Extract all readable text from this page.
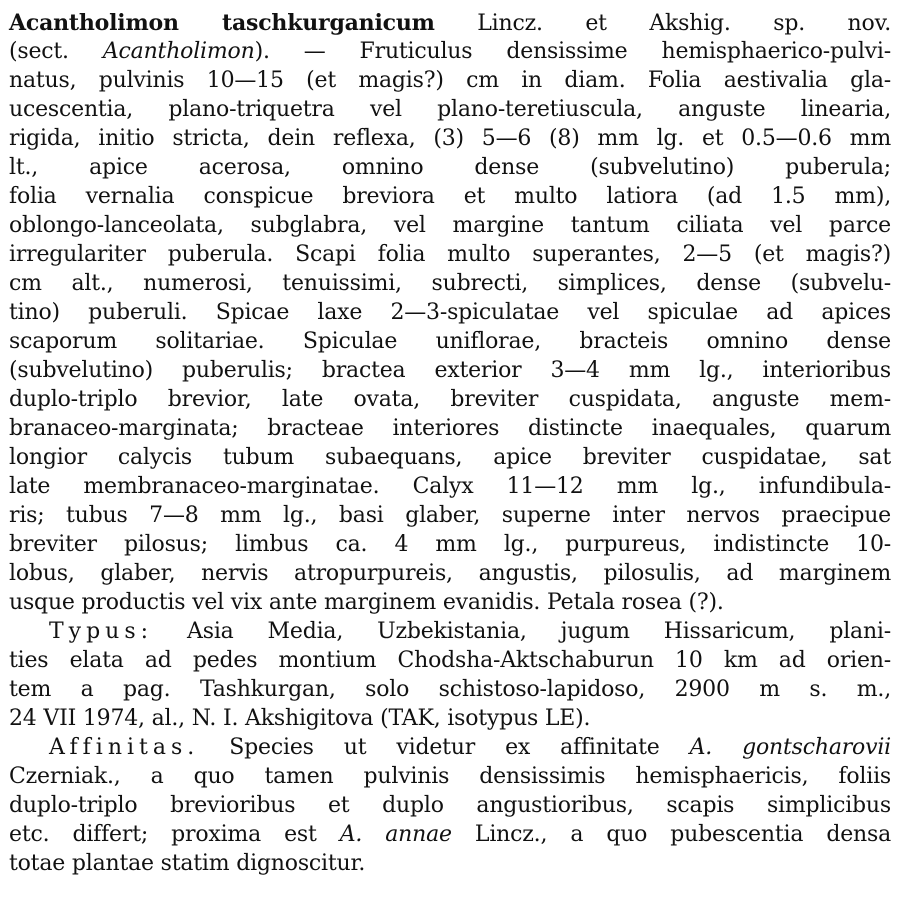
Acantholimon taschkurganicum Lincz. et Akshig. sp. nov.
(sect. Acantholimon). — Fruticulus densissime hemisphaerico-pulvi-
natus, pulvinis 10—15 (et magis?) cm in diam. Folia aestivalia gla-
ucescentia, plano-triquetra vel plano-teretiuscula, anguste linearia,
rigida, initio stricta, dein reflexa, (3) 5—6 (8) mm lg. et 0.5—0.6 mm
lt., apice acerosa, omnino dense (subvelutino) puberula;
folia vernalia conspicue breviora et multo latiora (ad 1.5 mm),
oblongo-lanceolata, subglabra, vel margine tantum ciliata vel parce
irregulariter puberula. Scapi folia multo superantes, 2—5 (et magis?)
cm alt., numerosi, tenuissimi, subrecti, simplices, dense (subvelu-
tino) puberuli. Spicae laxe 2—3-spiculatae vel spiculae ad apices
scaporum solitariae. Spiculae uniflorae, bracteis omnino dense
(subvelutino) puberulis; bractea exterior 3—4 mm lg., interioribus
duplo-triplo brevior, late ovata, breviter cuspidata, anguste mem-
branaceo-marginata; bracteae interiores distincte inaequales, quarum
longior calycis tubum subaequans, apice breviter cuspidatae, sat
late membranaceo-marginatae. Calyx 11—12 mm lg., infundibula-
ris; tubus 7—8 mm lg., basi glaber, superne inter nervos praecipue
breviter pilosus; limbus ca. 4 mm lg., purpureus, indistincte 10-
lobus, glaber, nervis atropurpureis, angustis, pilosulis, ad marginem
usque productis vel vix ante marginem evanidis. Petala rosea (?).
Typus: Asia Media, Uzbekistania, jugum Hissaricum, plani-
ties elata ad pedes montium Chodsha-Aktschaburun 10 km ad orien-
tem a pag. Tashkurgan, solo schistoso-lapidoso, 2900 m s. m.,
24 VII 1974, al., N. I. Akshigitova (TAK, isotypus LE).
Affinitas. Species ut videtur ex affinitate A. gontscharovii
Czerniak., a quo tamen pulvinis densissimis hemisphaericis, foliis
duplo-triplo brevioribus et duplo angustioribus, scapis simplicibus
etc. differt; proxima est A. annae Lincz., a quo pubescentia densa
totae plantae statim dignoscitur.
